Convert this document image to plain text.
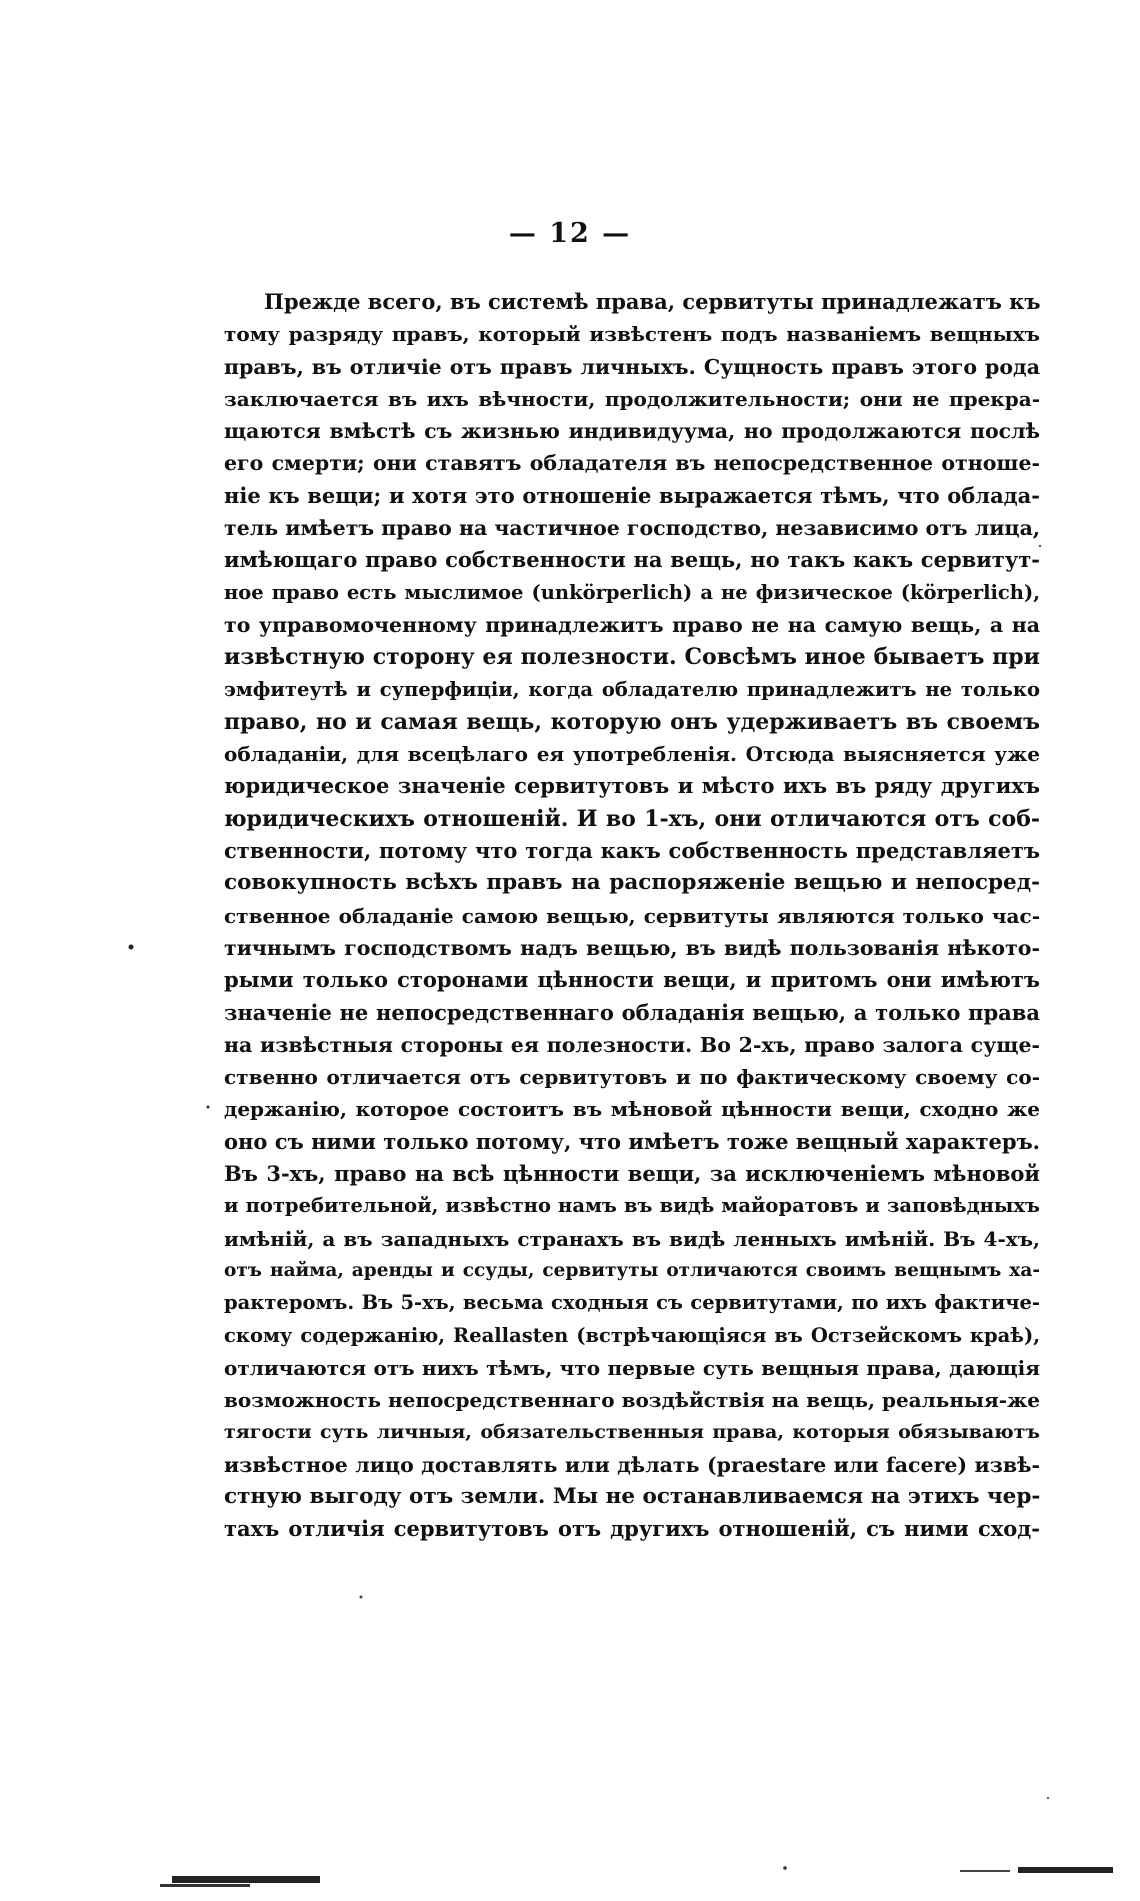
— 12 —
Прежде всего, въ системѣ права, сервитуты принадлежатъ къ
тому разряду правъ, который извѣстенъ подъ названіемъ вещныхъ
правъ, въ отличіе отъ правъ личныхъ. Сущность правъ этого рода
заключается въ ихъ вѣчности, продолжительности; они не прекра-
щаются вмѣстѣ съ жизнью индивидуума, но продолжаются послѣ
его смерти; они ставятъ обладателя въ непосредственное отноше-
ніе къ вещи; и хотя это отношеніе выражается тѣмъ, что облада-
тель имѣетъ право на частичное господство, независимо отъ лица,
имѣющаго право собственности на вещь, но такъ какъ сервитут-
ное право есть мыслимое (unkörperlich) а не физическое (körperlich),
то управомоченному принадлежитъ право не на самую вещь, а на
извѣстную сторону ея полезности. Совсѣмъ иное бываетъ при
эмфитеутѣ и суперфиціи, когда обладателю принадлежитъ не только
право, но и самая вещь, которую онъ удерживаетъ въ своемъ
обладаніи, для всецѣлаго ея употребленія. Отсюда выясняется уже
юридическое значеніе сервитутовъ и мѣсто ихъ въ ряду другихъ
юридическихъ отношеній. И во 1-хъ, они отличаются отъ соб-
ственности, потому что тогда какъ собственность представляетъ
совокупность всѣхъ правъ на распоряженіе вещью и непосред-
ственное обладаніе самою вещью, сервитуты являются только час-
тичнымъ господствомъ надъ вещью, въ видѣ пользованія нѣкото-
рыми только сторонами цѣнности вещи, и притомъ они имѣютъ
значеніе не непосредственнаго обладанія вещью, а только права
на извѣстныя стороны ея полезности. Во 2-хъ, право залога суще-
ственно отличается отъ сервитутовъ и по фактическому своему со-
держанію, которое состоитъ въ мѣновой цѣнности вещи, сходно же
оно съ ними только потому, что имѣетъ тоже вещный характеръ.
Въ 3-хъ, право на всѣ цѣнности вещи, за исключеніемъ мѣновой
и потребительной, извѣстно намъ въ видѣ майоратовъ и заповѣдныхъ
имѣній, а въ западныхъ странахъ въ видѣ ленныхъ имѣній. Въ 4-хъ,
отъ найма, аренды и ссуды, сервитуты отличаются своимъ вещнымъ ха-
рактеромъ. Въ 5-хъ, весьма сходныя съ сервитутами, по ихъ фактиче-
скому содержанію, Reallasten (встрѣчающіяся въ Остзейскомъ краѣ),
отличаются отъ нихъ тѣмъ, что первые суть вещныя права, дающія
возможность непосредственнаго воздѣйствія на вещь, реальныя-же
тягости суть личныя, обязательственныя права, которыя обязываютъ
извѣстное лицо доставлять или дѣлать (praestare или facere) извѣ-
стную выгоду отъ земли. Мы не останавливаемся на этихъ чер-
тахъ отличія сервитутовъ отъ другихъ отношеній, съ ними сход-
